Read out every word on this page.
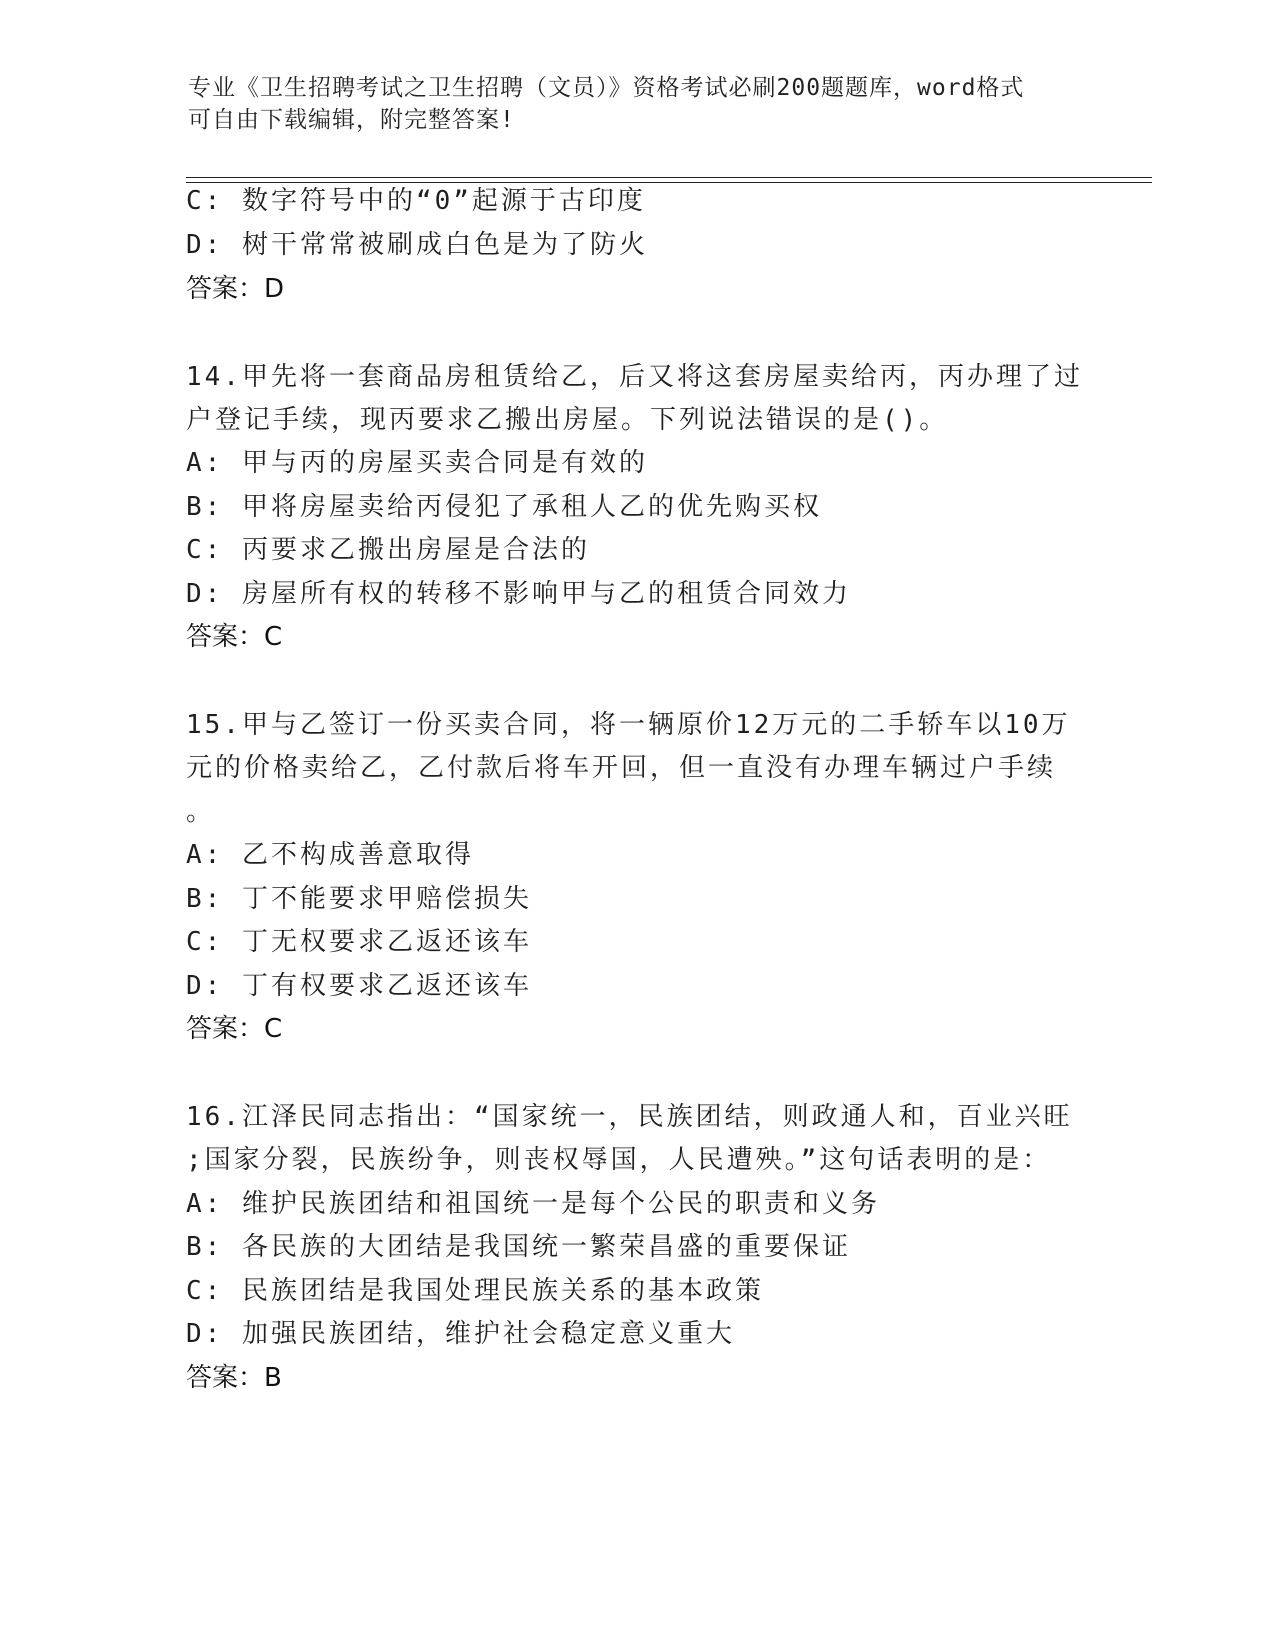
专业《卫生招聘考试之卫生招聘（文员）》资格考试必刷200题题库，word格式
可自由下载编辑，附完整答案!
C: 数字符号中的“0”起源于古印度
D: 树干常常被刷成白色是为了防火
答案：D
14.甲先将一套商品房租赁给乙，后又将这套房屋卖给丙，丙办理了过
户登记手续，现丙要求乙搬出房屋。下列说法错误的是()。
A: 甲与丙的房屋买卖合同是有效的
B: 甲将房屋卖给丙侵犯了承租人乙的优先购买权
C: 丙要求乙搬出房屋是合法的
D: 房屋所有权的转移不影响甲与乙的租赁合同效力
答案：C
15.甲与乙签订一份买卖合同，将一辆原价12万元的二手轿车以10万
元的价格卖给乙，乙付款后将车开回，但一直没有办理车辆过户手续
。
A: 乙不构成善意取得
B: 丁不能要求甲赔偿损失
C: 丁无权要求乙返还该车
D: 丁有权要求乙返还该车
答案：C
16.江泽民同志指出：“国家统一，民族团结，则政通人和，百业兴旺
;国家分裂，民族纷争，则丧权辱国，人民遭殃。”这句话表明的是：
A: 维护民族团结和祖国统一是每个公民的职责和义务
B: 各民族的大团结是我国统一繁荣昌盛的重要保证
C: 民族团结是我国处理民族关系的基本政策
D: 加强民族团结，维护社会稳定意义重大
答案：B
